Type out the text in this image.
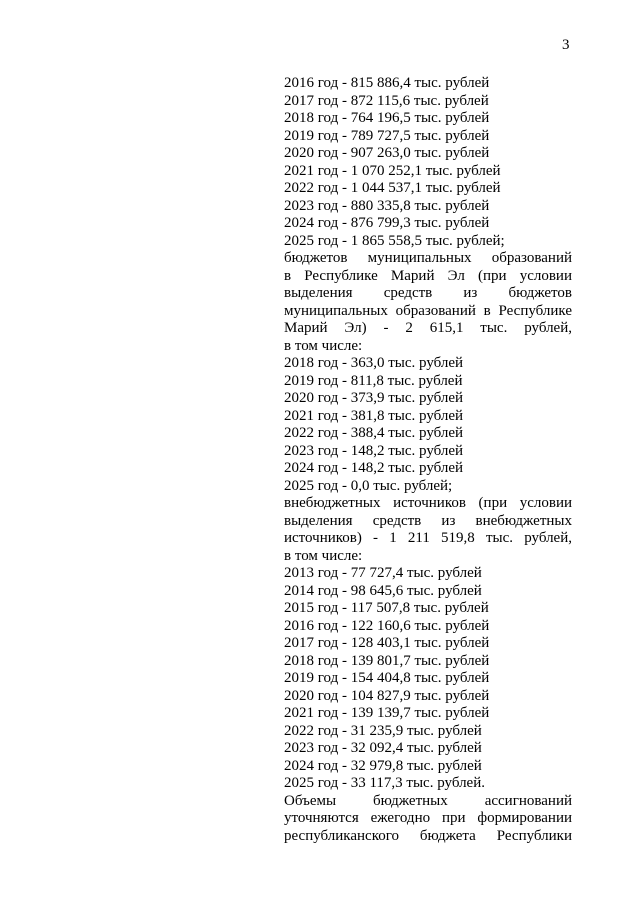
3
2016 год - 815 886,4 тыс. рублей
2017 год - 872 115,6 тыс. рублей
2018 год - 764 196,5 тыс. рублей
2019 год - 789 727,5 тыс. рублей
2020 год - 907 263,0 тыс. рублей
2021 год - 1 070 252,1 тыс. рублей
2022 год - 1 044 537,1 тыс. рублей
2023 год - 880 335,8 тыс. рублей
2024 год - 876 799,3 тыс. рублей
2025 год - 1 865 558,5 тыс. рублей;
бюджетов муниципальных образований
в Республике Марий Эл (при условии
выделения средств из бюджетов
муниципальных образований в Республике
Марий Эл) - 2 615,1 тыс. рублей,
в том числе:
2018 год - 363,0 тыс. рублей
2019 год - 811,8 тыс. рублей
2020 год - 373,9 тыс. рублей
2021 год - 381,8 тыс. рублей
2022 год - 388,4 тыс. рублей
2023 год - 148,2 тыс. рублей
2024 год - 148,2 тыс. рублей
2025 год - 0,0 тыс. рублей;
внебюджетных источников (при условии
выделения средств из внебюджетных
источников) - 1 211 519,8 тыс. рублей,
в том числе:
2013 год - 77 727,4 тыс. рублей
2014 год - 98 645,6 тыс. рублей
2015 год - 117 507,8 тыс. рублей
2016 год - 122 160,6 тыс. рублей
2017 год - 128 403,1 тыс. рублей
2018 год - 139 801,7 тыс. рублей
2019 год - 154 404,8 тыс. рублей
2020 год - 104 827,9 тыс. рублей
2021 год - 139 139,7 тыс. рублей
2022 год - 31 235,9 тыс. рублей
2023 год - 32 092,4 тыс. рублей
2024 год - 32 979,8 тыс. рублей
2025 год - 33 117,3 тыс. рублей.
Объемы бюджетных ассигнований
уточняются ежегодно при формировании
республиканского бюджета Республики
